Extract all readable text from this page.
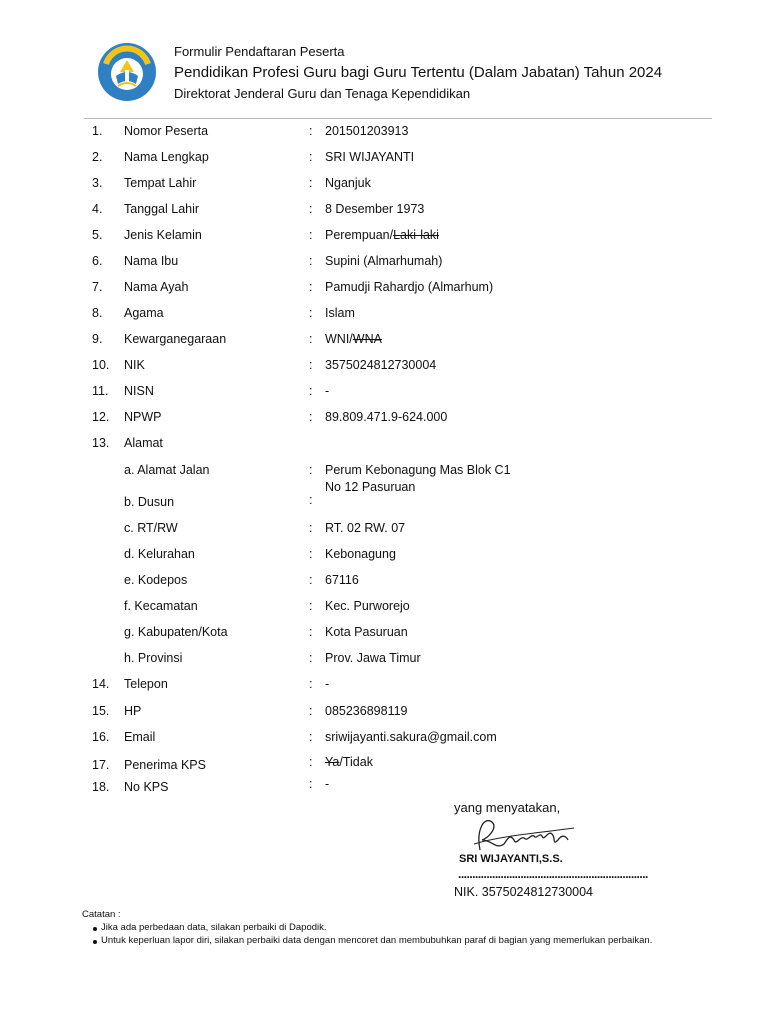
Formulir Pendaftaran Peserta
Pendidikan Profesi Guru bagi Guru Tertentu (Dalam Jabatan) Tahun 2024
Direktorat Jenderal Guru dan Tenaga Kependidikan
1. Nomor Peserta	: 201501203913
2. Nama Lengkap	: SRI WIJAYANTI
3. Tempat Lahir	: Nganjuk
4. Tanggal Lahir	: 8 Desember 1973
5. Jenis Kelamin	: Perempuan/Laki-laki
6. Nama Ibu	: Supini (Almarhumah)
7. Nama Ayah	: Pamudji Rahardjo (Almarhum)
8. Agama	: Islam
9. Kewarganegaraan	: WNI/WNA
10. NIK	: 3575024812730004
11. NISN	: -
12. NPWP	: 89.809.471.9-624.000
13. Alamat
a. Alamat Jalan	: Perum Kebonagung Mas Blok C1
No 12 Pasuruan
b. Dusun	:
c. RT/RW	: RT. 02 RW. 07
d. Kelurahan	: Kebonagung
e. Kodepos	: 67116
f. Kecamatan	: Kec. Purworejo
g. Kabupaten/Kota	: Kota Pasuruan
h. Provinsi	: Prov. Jawa Timur
14. Telepon	: -
15. HP	: 085236898119
16. Email	: sriwijayanti.sakura@gmail.com
17. Penerima KPS	: Ya/Tidak
18. No KPS	: -
yang menyatakan,
SRI WIJAYANTI,S.S.
...................................................................
NIK. 3575024812730004
Catatan :
Jika ada perbedaan data, silakan perbaiki di Dapodik.
Untuk keperluan lapor diri, silakan perbaiki data dengan mencoret dan membubuhkan paraf di bagian yang memerlukan perbaikan.
